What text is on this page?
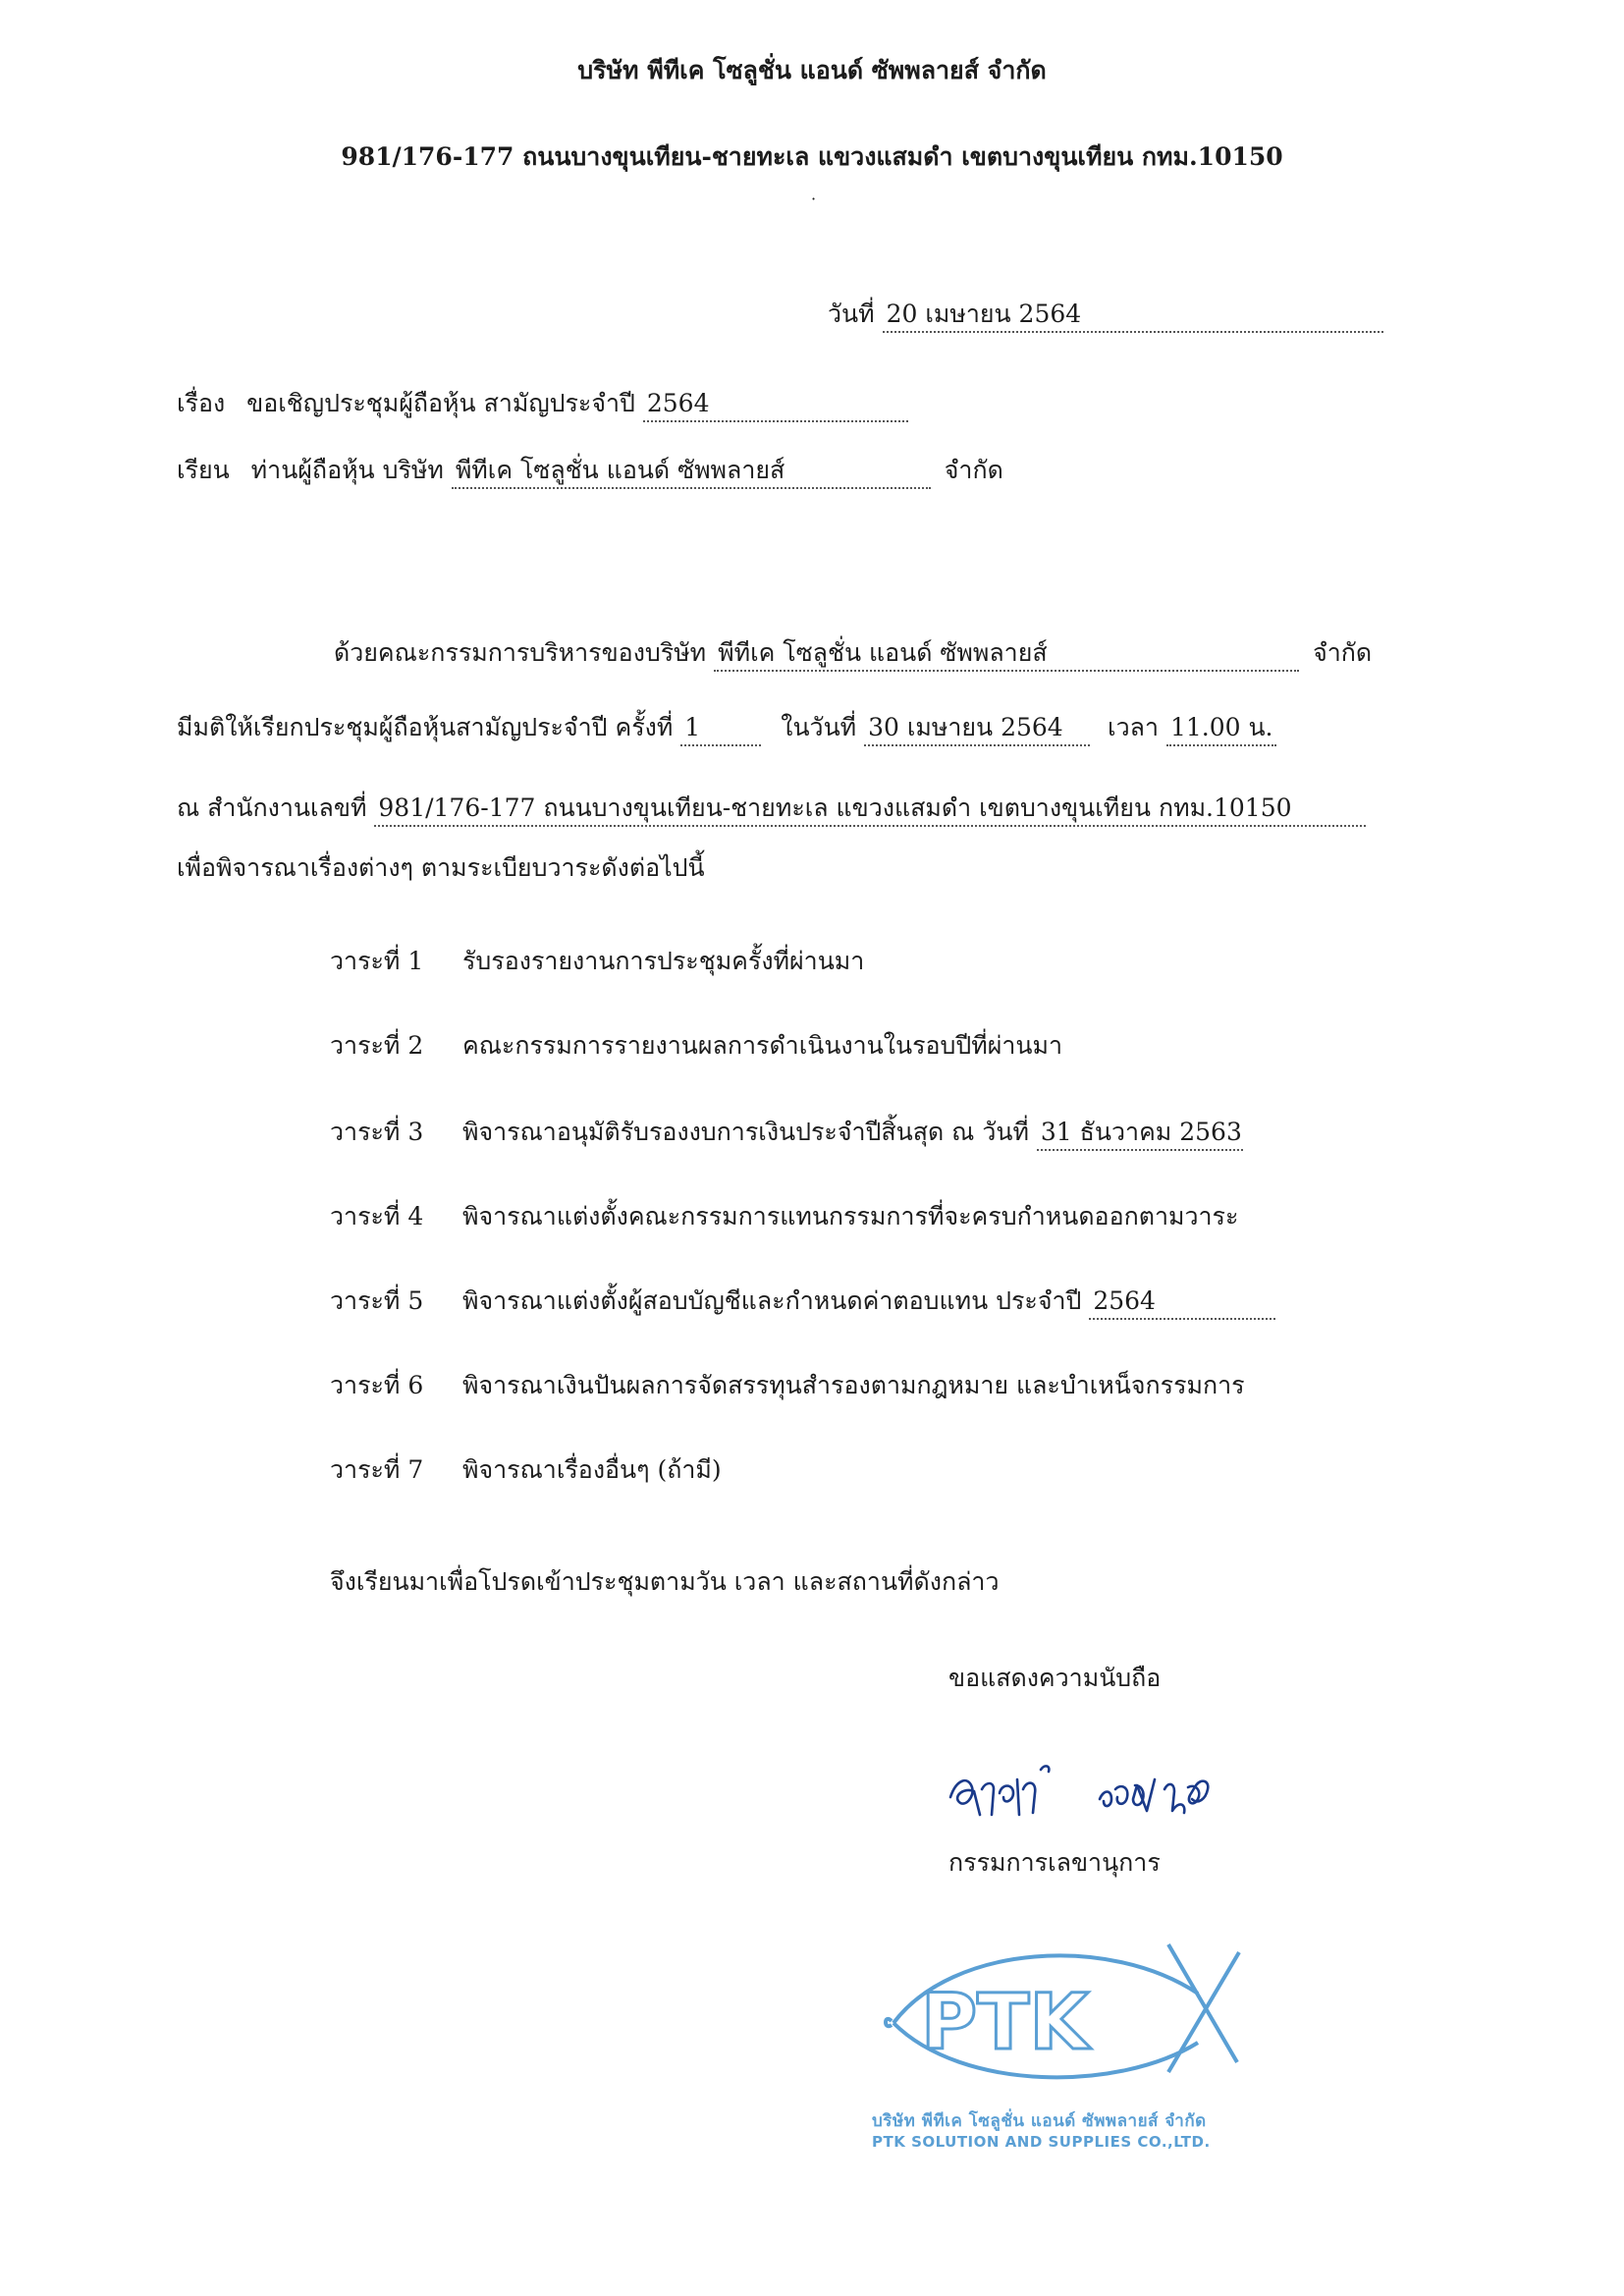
บริษัท พีทีเค โซลูชั่น แอนด์ ซัพพลายส์ จำกัด
981/176-177 ถนนบางขุนเทียน-ชายทะเล แขวงแสมดำ เขตบางขุนเทียน กทม.10150
วันที่ 20 เมษายน 2564
เรื่อง ขอเชิญประชุมผู้ถือหุ้น สามัญประจำปี 2564
เรียน ท่านผู้ถือหุ้น บริษัท พีทีเค โซลูชั่น แอนด์ ซัพพลายส์	จำกัด
ด้วยคณะกรรมการบริหารของบริษัท พีทีเค โซลูชั่น แอนด์ ซัพพลายส์	จำกัด
มีมติให้เรียกประชุมผู้ถือหุ้นสามัญประจำปี ครั้งที่ 1	ในวันที่ 30 เมษายน 2564 เวลา 11.00 น.
ณ สำนักงานเลขที่ 981/176-177 ถนนบางขุนเทียน-ชายทะเล แขวงแสมดำ เขตบางขุนเทียน กทม.10150
เพื่อพิจารณาเรื่องต่างๆ ตามระเบียบวาระดังต่อไปนี้
วาระที่ 1 รับรองรายงานการประชุมครั้งที่ผ่านมา
วาระที่ 2 คณะกรรมการรายงานผลการดำเนินงานในรอบปีที่ผ่านมา
วาระที่ 3 พิจารณาอนุมัติรับรองงบการเงินประจำปีสิ้นสุด ณ วันที่ 31 ธันวาคม 2563
วาระที่ 4 พิจารณาแต่งตั้งคณะกรรมการแทนกรรมการที่จะครบกำหนดออกตามวาระ
วาระที่ 5 พิจารณาแต่งตั้งผู้สอบบัญชีและกำหนดค่าตอบแทน ประจำปี 2564
วาระที่ 6 พิจารณาเงินปันผลการจัดสรรทุนสำรองตามกฎหมาย และบำเหน็จกรรมการ
วาระที่ 7 พิจารณาเรื่องอื่นๆ (ถ้ามี)
จึงเรียนมาเพื่อโปรดเข้าประชุมตามวัน เวลา และสถานที่ดังกล่าว
ขอแสดงความนับถือ
กรรมการเลขานุการ
PTK
บริษัท พีทีเค โซลูชั่น แอนด์ ซัพพลายส์ จำกัด
PTK SOLUTION AND SUPPLIES CO.,LTD.
·
